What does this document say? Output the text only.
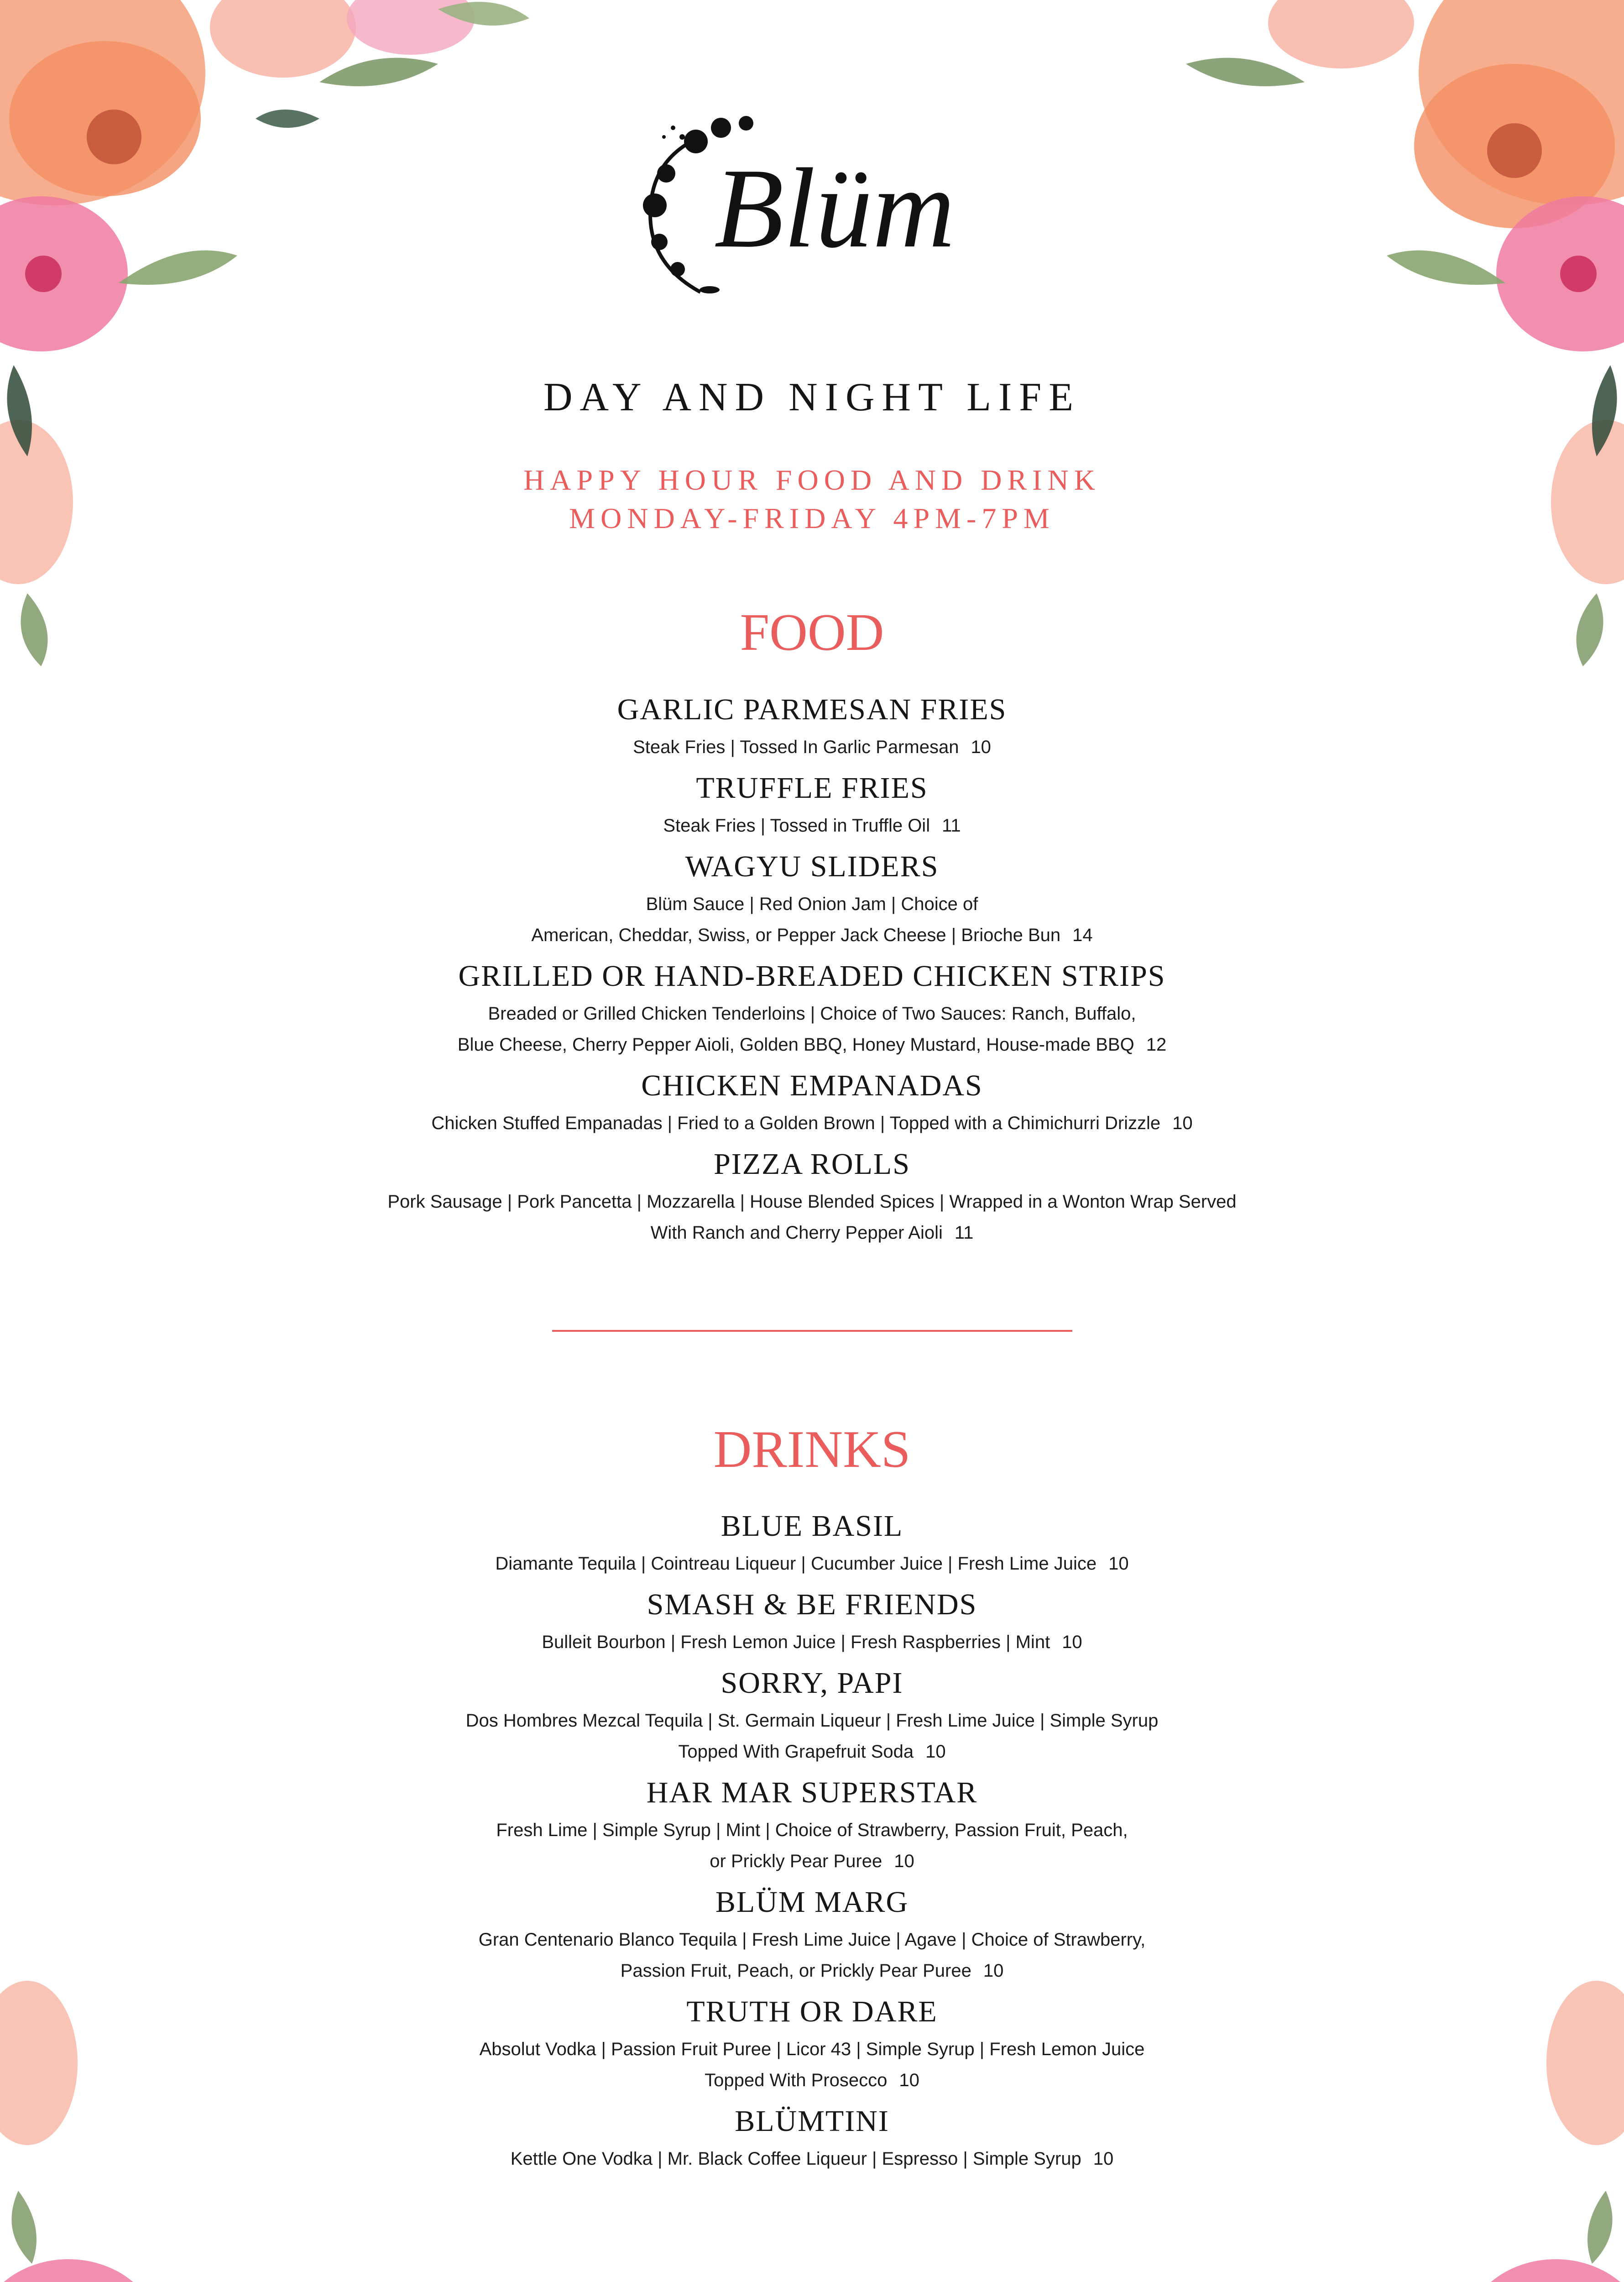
Blüm
DAY AND NIGHT LIFE
HAPPY HOUR FOOD AND DRINK
MONDAY-FRIDAY 4PM-7PM
FOOD
GARLIC PARMESAN FRIES
Steak Fries | Tossed In Garlic Parmesan 10
TRUFFLE FRIES
Steak Fries | Tossed in Truffle Oil 11
WAGYU SLIDERS
Blüm Sauce | Red Onion Jam | Choice of
American, Cheddar, Swiss, or Pepper Jack Cheese | Brioche Bun 14
GRILLED OR HAND-BREADED CHICKEN STRIPS
Breaded or Grilled Chicken Tenderloins | Choice of Two Sauces: Ranch, Buffalo,
Blue Cheese, Cherry Pepper Aioli, Golden BBQ, Honey Mustard, House-made BBQ 12
CHICKEN EMPANADAS
Chicken Stuffed Empanadas | Fried to a Golden Brown | Topped with a Chimichurri Drizzle 10
PIZZA ROLLS
Pork Sausage | Pork Pancetta | Mozzarella | House Blended Spices | Wrapped in a Wonton Wrap Served
With Ranch and Cherry Pepper Aioli 11
DRINKS
BLUE BASIL
Diamante Tequila | Cointreau Liqueur | Cucumber Juice | Fresh Lime Juice 10
SMASH & BE FRIENDS
Bulleit Bourbon | Fresh Lemon Juice | Fresh Raspberries | Mint 10
SORRY, PAPI
Dos Hombres Mezcal Tequila | St. Germain Liqueur | Fresh Lime Juice | Simple Syrup
Topped With Grapefruit Soda 10
HAR MAR SUPERSTAR
Fresh Lime | Simple Syrup | Mint | Choice of Strawberry, Passion Fruit, Peach,
or Prickly Pear Puree 10
BLÜM MARG
Gran Centenario Blanco Tequila | Fresh Lime Juice | Agave | Choice of Strawberry,
Passion Fruit, Peach, or Prickly Pear Puree 10
TRUTH OR DARE
Absolut Vodka | Passion Fruit Puree | Licor 43 | Simple Syrup | Fresh Lemon Juice
Topped With Prosecco 10
BLÜMTINI
Kettle One Vodka | Mr. Black Coffee Liqueur | Espresso | Simple Syrup 10
